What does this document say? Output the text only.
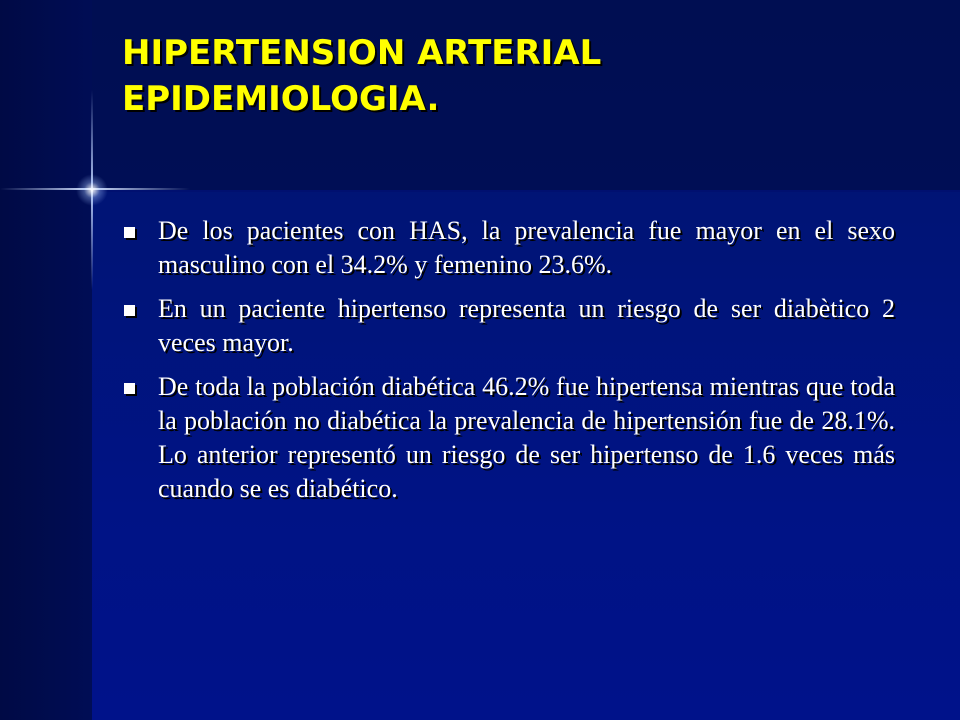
HIPERTENSION ARTERIAL
EPIDEMIOLOGIA.
De los pacientes con HAS, la prevalencia fue mayor en el sexo masculino con el 34.2% y femenino 23.6%.
En un paciente hipertenso representa un riesgo de ser diabètico 2 veces mayor.
De toda la población diabética 46.2% fue hipertensa mientras que toda la población no diabética la prevalencia de hipertensión fue de 28.1%. Lo anterior representó un riesgo de ser hipertenso de 1.6 veces más cuando se es diabético.
